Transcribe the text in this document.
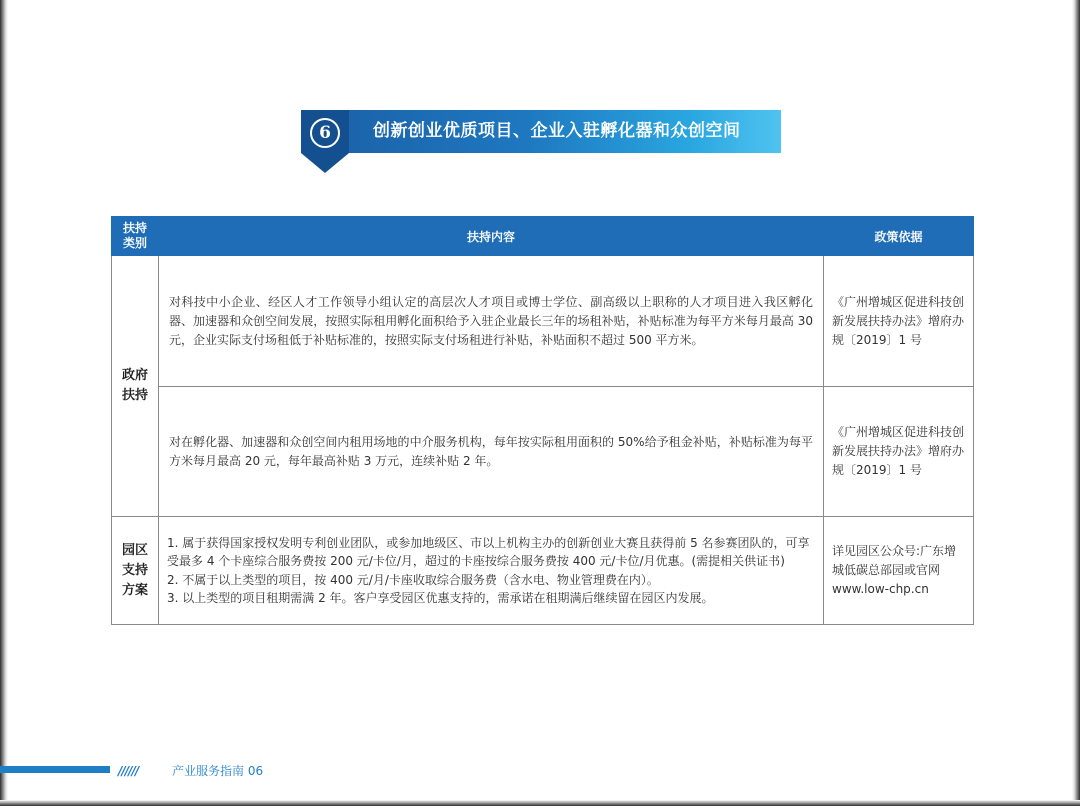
6	创新创业优质项目、企业入驻孵化器和众创空间
扶持类别	扶持内容	政策依据

政府扶持	对科技中小企业、经区人才工作领导小组认定的高层次人才项目或博士学位、副高级以上职称的人才项目进入我区孵化器、加速器和众创空间发展，按照实际租用孵化面积给予入驻企业最长三年的场租补贴，补贴标准为每平方米每月最高 30 元，企业实际支付场租低于补贴标准的，按照实际支付场租进行补贴，补贴面积不超过 500 平方米。	《广州增城区促进科技创新发展扶持办法》增府办规〔2019〕1 号
	对在孵化器、加速器和众创空间内租用场地的中介服务机构，每年按实际租用面积的 50%给予租金补贴，补贴标准为每平方米每月最高 20 元，每年最高补贴 3 万元，连续补贴 2 年。	《广州增城区促进科技创新发展扶持办法》增府办规〔2019〕1 号

园区支持方案	1. 属于获得国家授权发明专利创业团队，或参加地级区、市以上机构主办的创新创业大赛且获得前 5 名参赛团队的，可享受最多 4 个卡座综合服务费按 200 元/卡位/月，超过的卡座按综合服务费按 400 元/卡位/月优惠。(需提相关供证书)
2. 不属于以上类型的项目，按 400 元/月/卡座收取综合服务费（含水电、物业管理费在内）。
3. 以上类型的项目租期需满 2 年。客户享受园区优惠支持的，需承诺在租期满后继续留在园区内发展。	详见园区公众号:广东增城低碳总部园或官网 www.low-chp.cn
//////	产业服务指南 06
